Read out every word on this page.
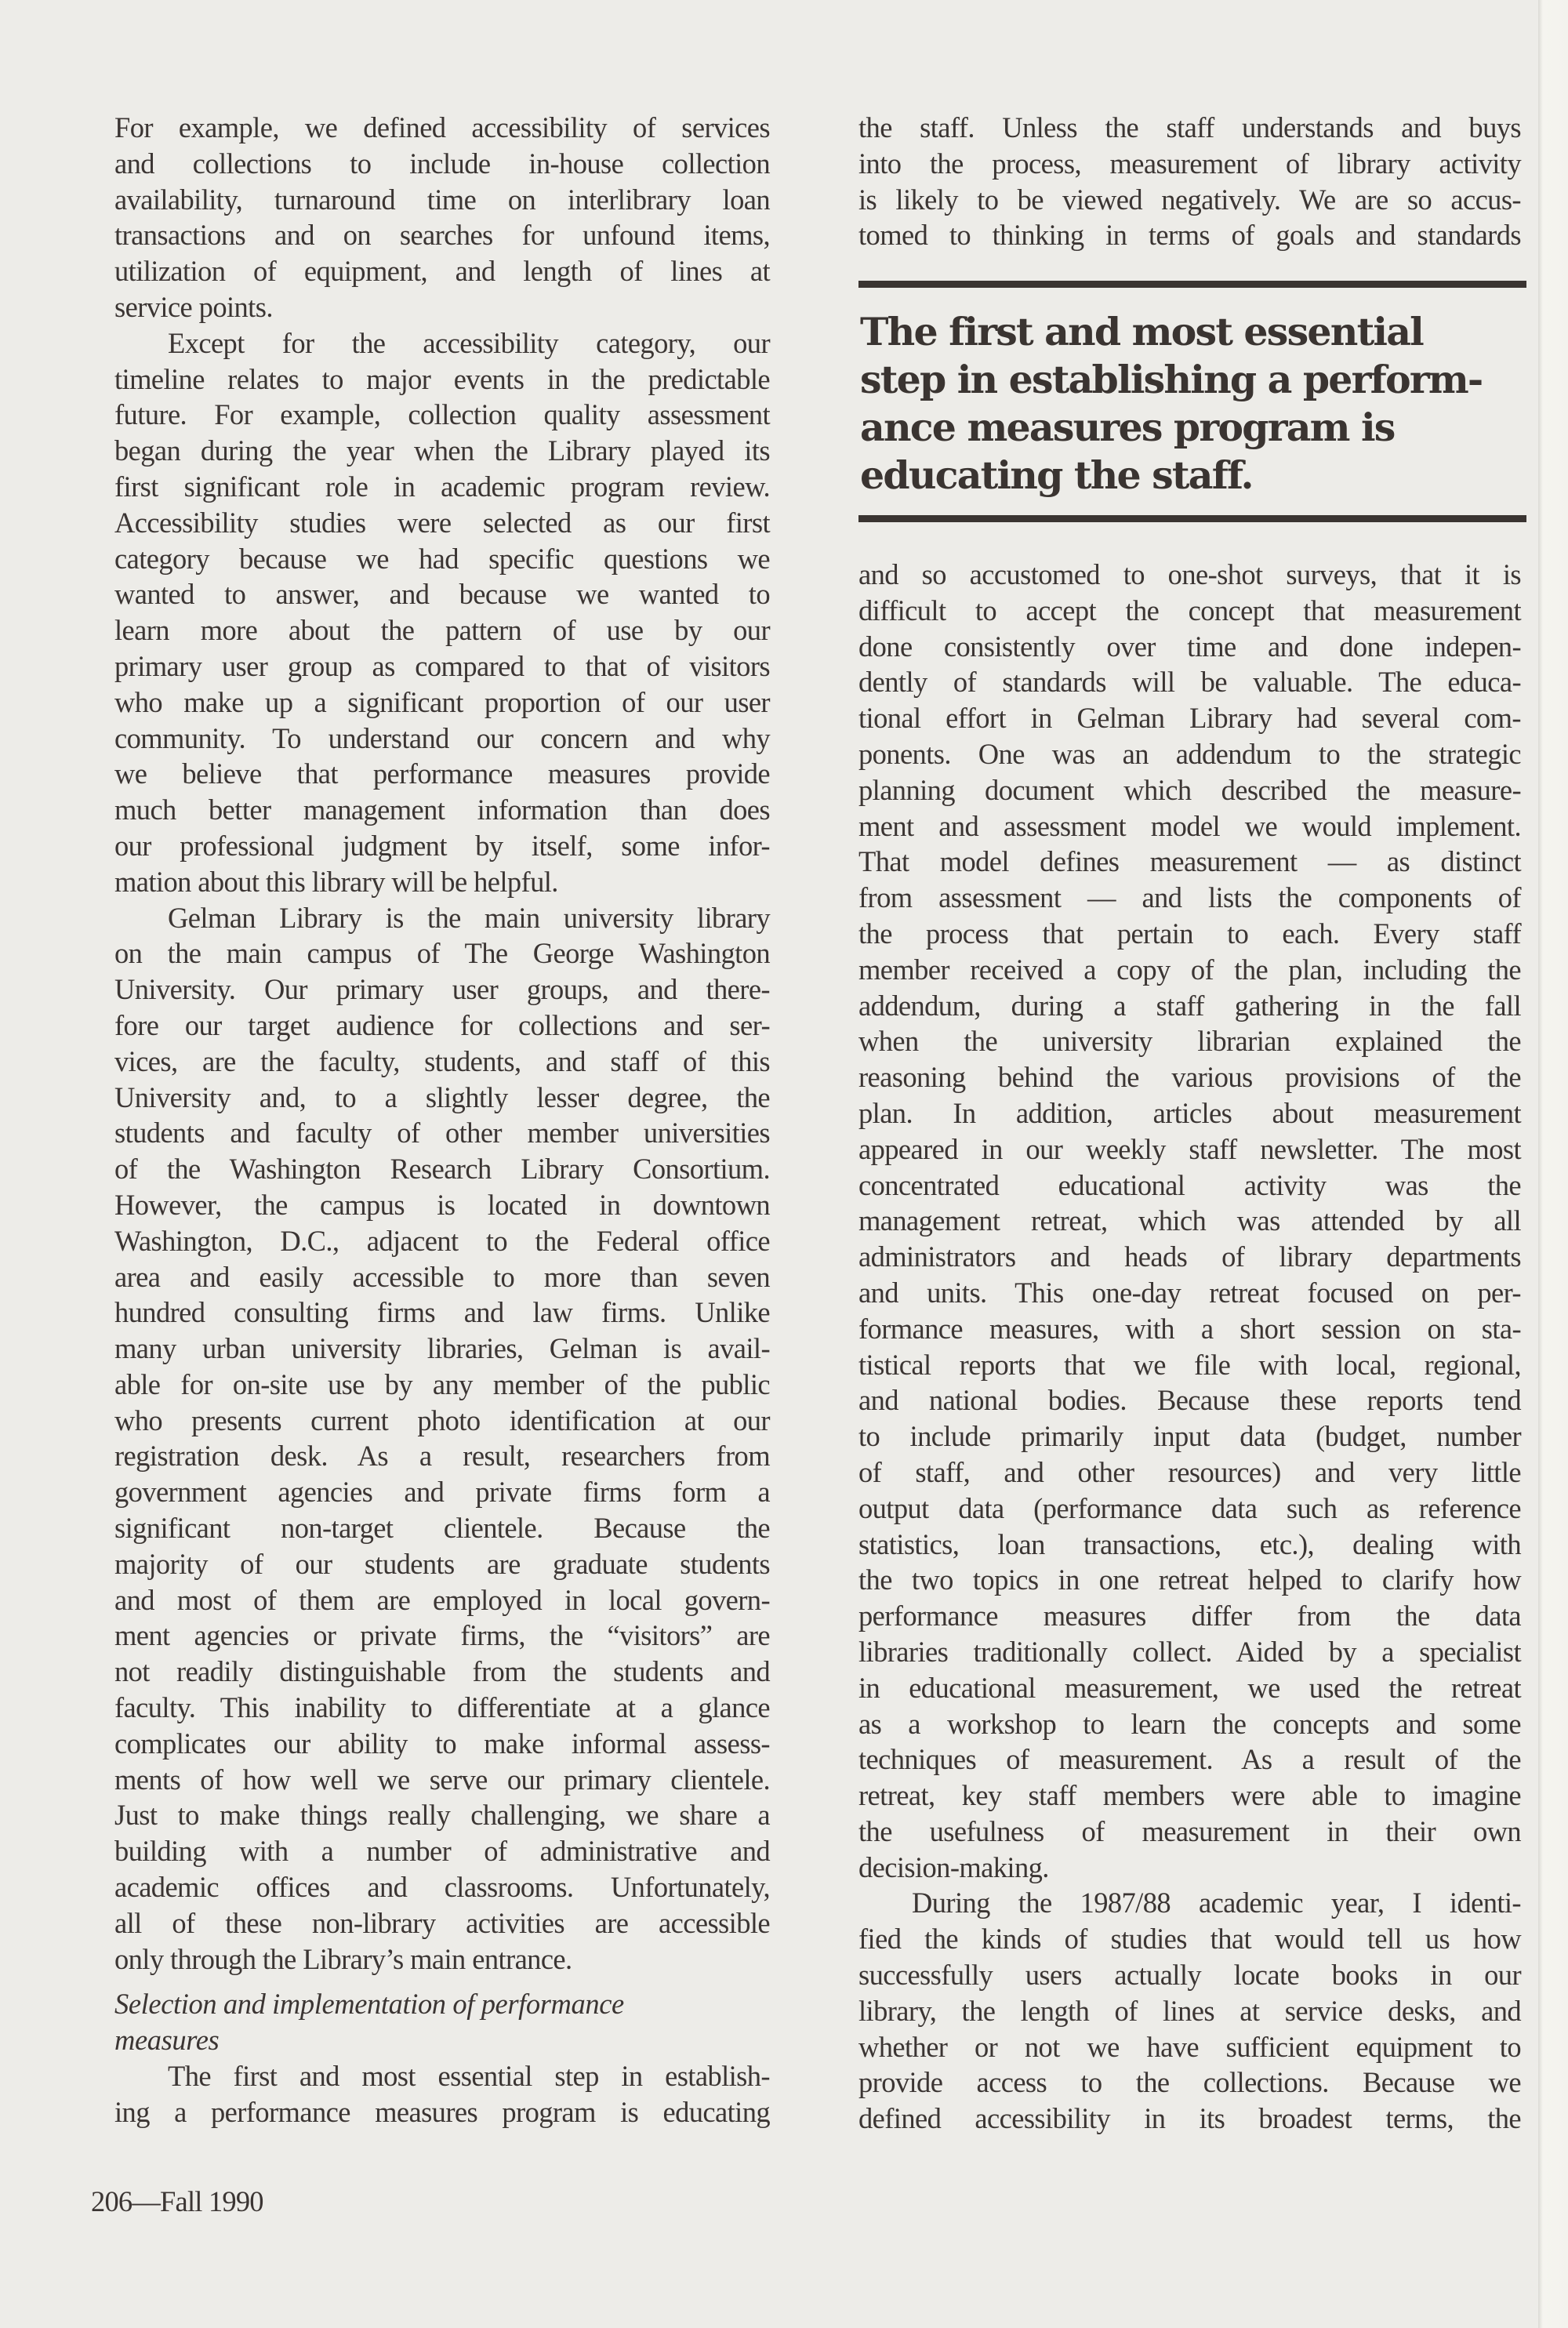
For example, we defined accessibility of services
and collections to include in-house collection
availability, turnaround time on interlibrary loan
transactions and on searches for unfound items,
utilization of equipment, and length of lines at
service points.
Except for the accessibility category, our
timeline relates to major events in the predictable
future. For example, collection quality assessment
began during the year when the Library played its
first significant role in academic program review.
Accessibility studies were selected as our first
category because we had specific questions we
wanted to answer, and because we wanted to
learn more about the pattern of use by our
primary user group as compared to that of visitors
who make up a significant proportion of our user
community. To understand our concern and why
we believe that performance measures provide
much better management information than does
our professional judgment by itself, some infor-
mation about this library will be helpful.
Gelman Library is the main university library
on the main campus of The George Washington
University. Our primary user groups, and there-
fore our target audience for collections and ser-
vices, are the faculty, students, and staff of this
University and, to a slightly lesser degree, the
students and faculty of other member universities
of the Washington Research Library Consortium.
However, the campus is located in downtown
Washington, D.C., adjacent to the Federal office
area and easily accessible to more than seven
hundred consulting firms and law firms. Unlike
many urban university libraries, Gelman is avail-
able for on-site use by any member of the public
who presents current photo identification at our
registration desk. As a result, researchers from
government agencies and private firms form a
significant non-target clientele. Because the
majority of our students are graduate students
and most of them are employed in local govern-
ment agencies or private firms, the “visitors” are
not readily distinguishable from the students and
faculty. This inability to differentiate at a glance
complicates our ability to make informal assess-
ments of how well we serve our primary clientele.
Just to make things really challenging, we share a
building with a number of administrative and
academic offices and classrooms. Unfortunately,
all of these non-library activities are accessible
only through the Library’s main entrance.
Selection and implementation of performance
measures
The first and most essential step in establish-
ing a performance measures program is educating
the staff. Unless the staff understands and buys
into the process, measurement of library activity
is likely to be viewed negatively. We are so accus-
tomed to thinking in terms of goals and standards
The first and most essential
step in establishing a perform-
ance measures program is
educating the staff.
and so accustomed to one-shot surveys, that it is
difficult to accept the concept that measurement
done consistently over time and done indepen-
dently of standards will be valuable. The educa-
tional effort in Gelman Library had several com-
ponents. One was an addendum to the strategic
planning document which described the measure-
ment and assessment model we would implement.
That model defines measurement — as distinct
from assessment — and lists the components of
the process that pertain to each. Every staff
member received a copy of the plan, including the
addendum, during a staff gathering in the fall
when the university librarian explained the
reasoning behind the various provisions of the
plan. In addition, articles about measurement
appeared in our weekly staff newsletter. The most
concentrated educational activity was the
management retreat, which was attended by all
administrators and heads of library departments
and units. This one-day retreat focused on per-
formance measures, with a short session on sta-
tistical reports that we file with local, regional,
and national bodies. Because these reports tend
to include primarily input data (budget, number
of staff, and other resources) and very little
output data (performance data such as reference
statistics, loan transactions, etc.), dealing with
the two topics in one retreat helped to clarify how
performance measures differ from the data
libraries traditionally collect. Aided by a specialist
in educational measurement, we used the retreat
as a workshop to learn the concepts and some
techniques of measurement. As a result of the
retreat, key staff members were able to imagine
the usefulness of measurement in their own
decision-making.
During the 1987/88 academic year, I identi-
fied the kinds of studies that would tell us how
successfully users actually locate books in our
library, the length of lines at service desks, and
whether or not we have sufficient equipment to
provide access to the collections. Because we
defined accessibility in its broadest terms, the
206—Fall 1990
